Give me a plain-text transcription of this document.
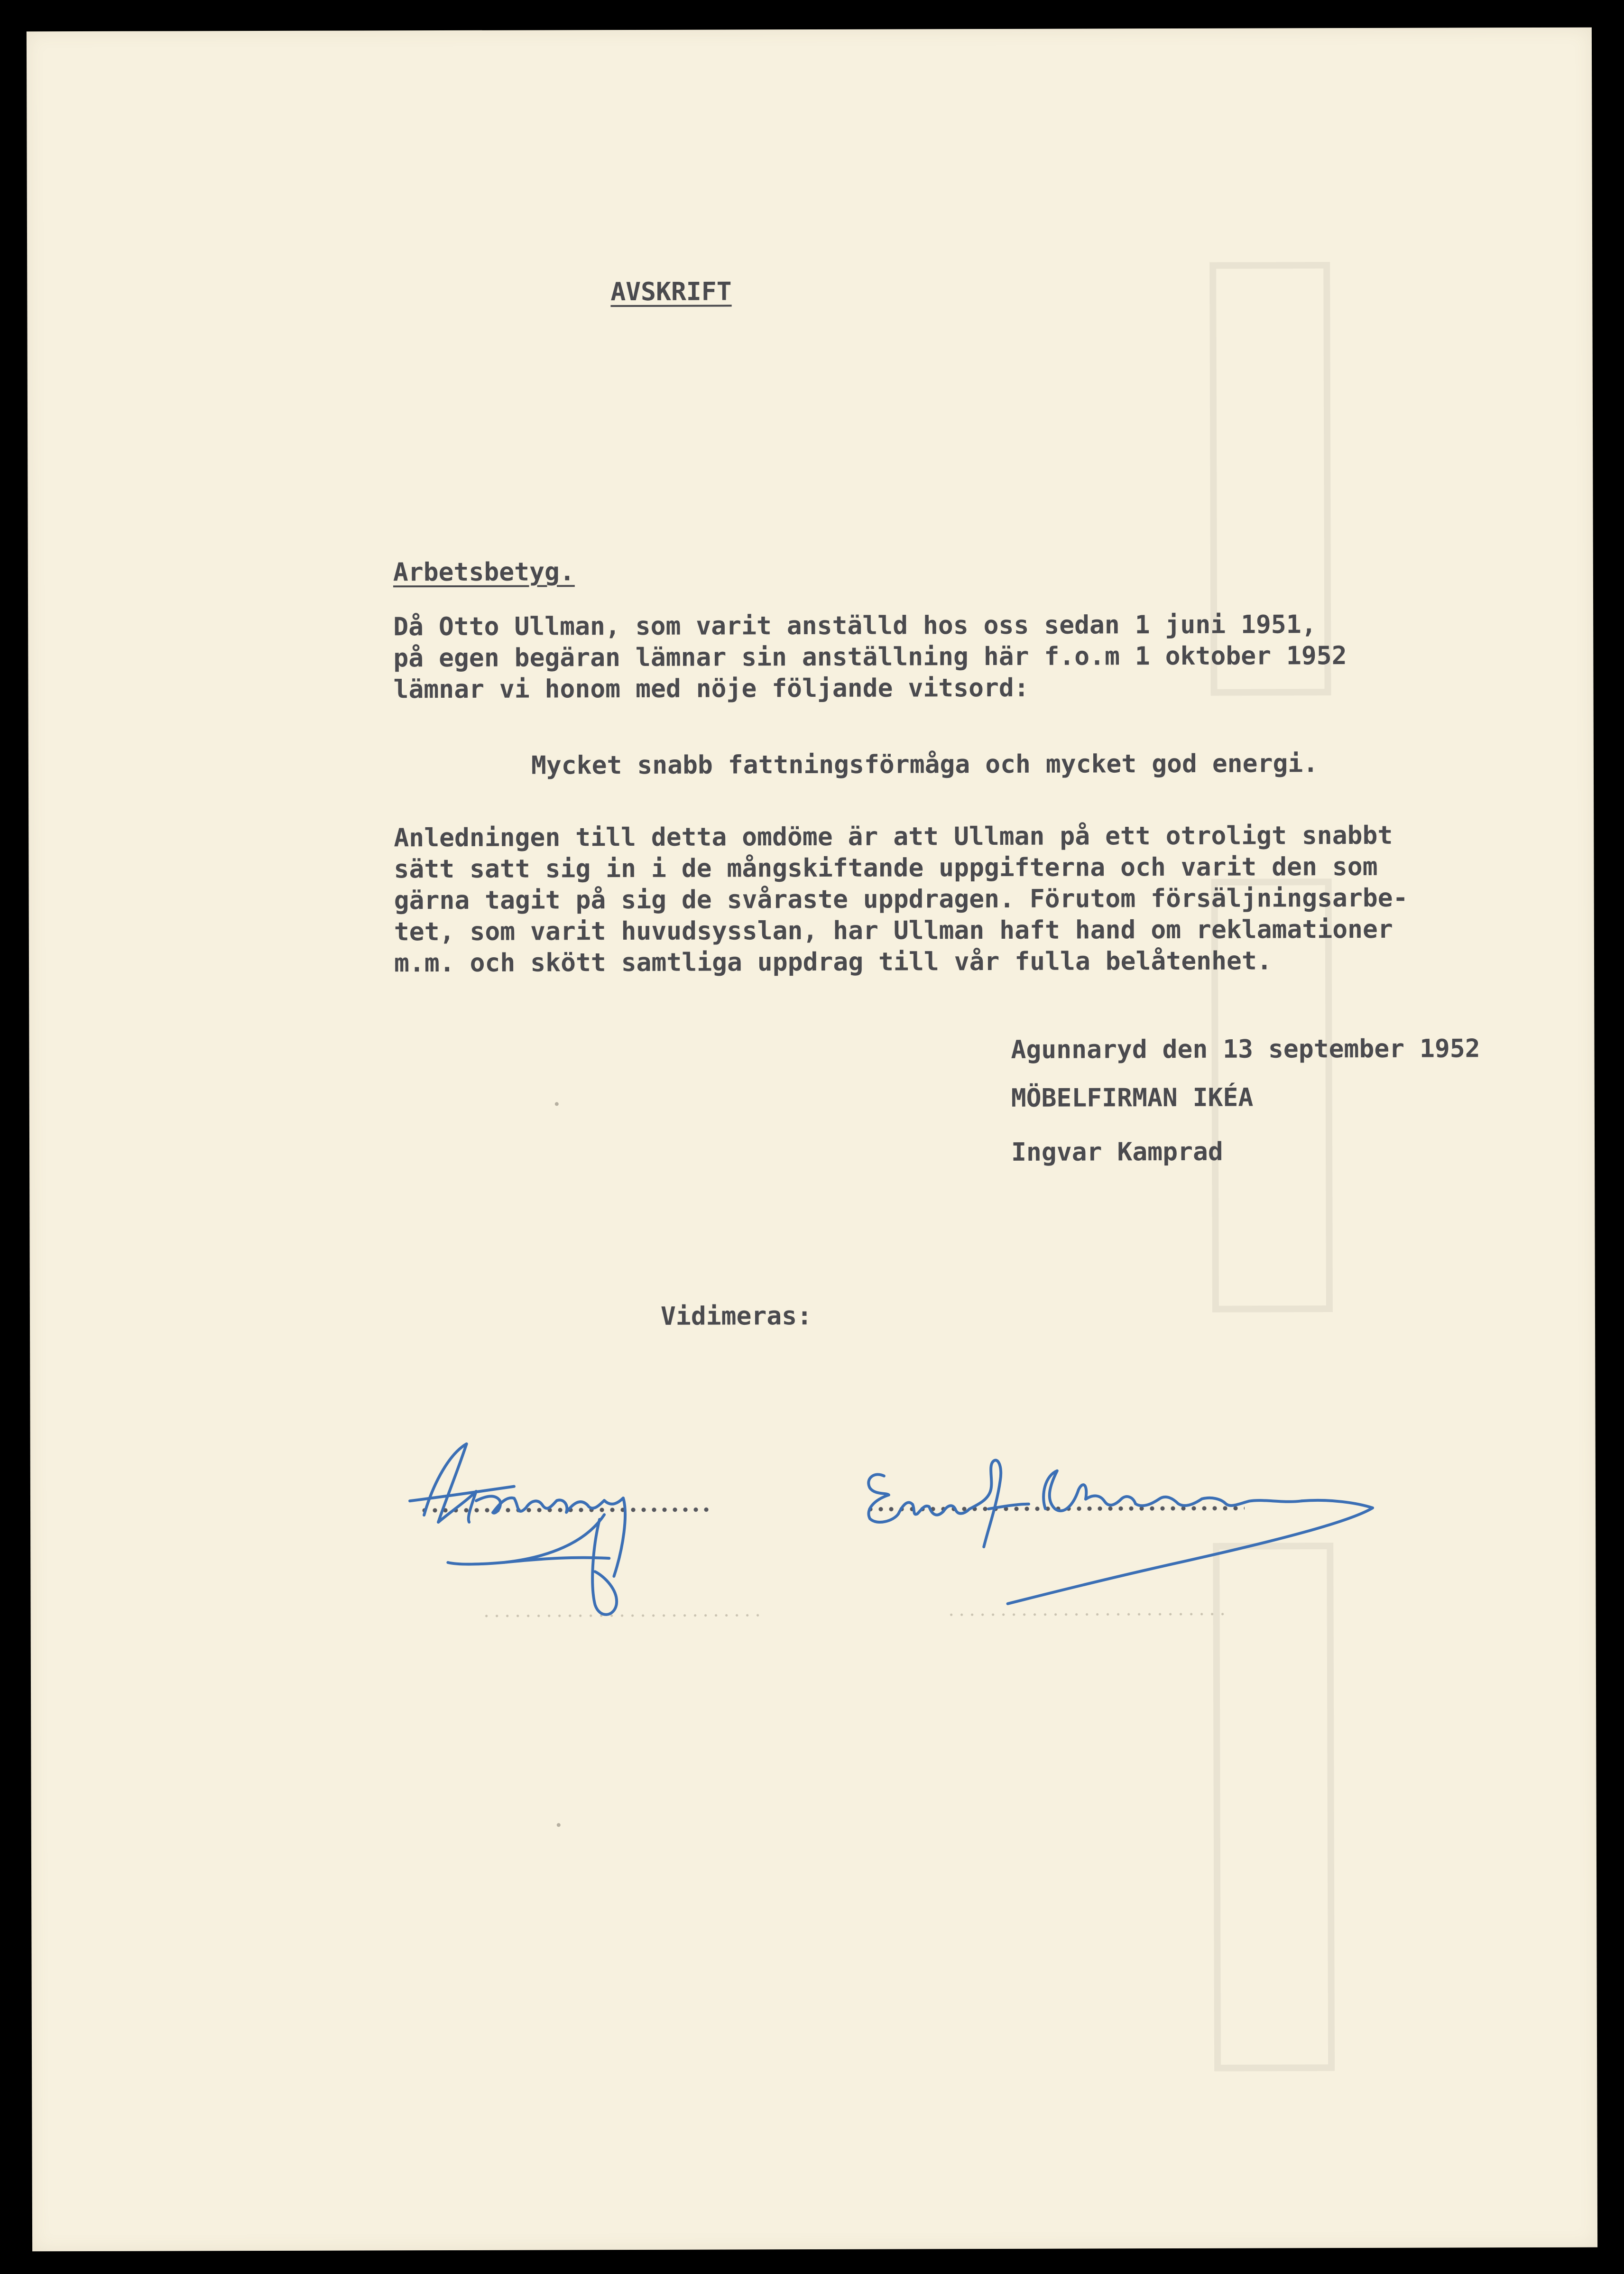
AVSKRIFT
Arbetsbetyg.
Då Otto Ullman, som varit anställd hos oss sedan 1 juni 1951,
på egen begäran lämnar sin anställning här f.o.m 1 oktober 1952
lämnar vi honom med nöje följande vitsord:
Mycket snabb fattningsförmåga och mycket god energi.
Anledningen till detta omdöme är att Ullman på ett otroligt snabbt
sätt satt sig in i de mångskiftande uppgifterna och varit den som
gärna tagit på sig de svåraste uppdragen. Förutom försäljningsarbe-
tet, som varit huvudsysslan, har Ullman haft hand om reklamationer
m.m. och skött samtliga uppdrag till vår fulla belåtenhet.
Agunnaryd den 13 september 1952
MÖBELFIRMAN IKÉA
Ingvar Kamprad
Vidimeras:
